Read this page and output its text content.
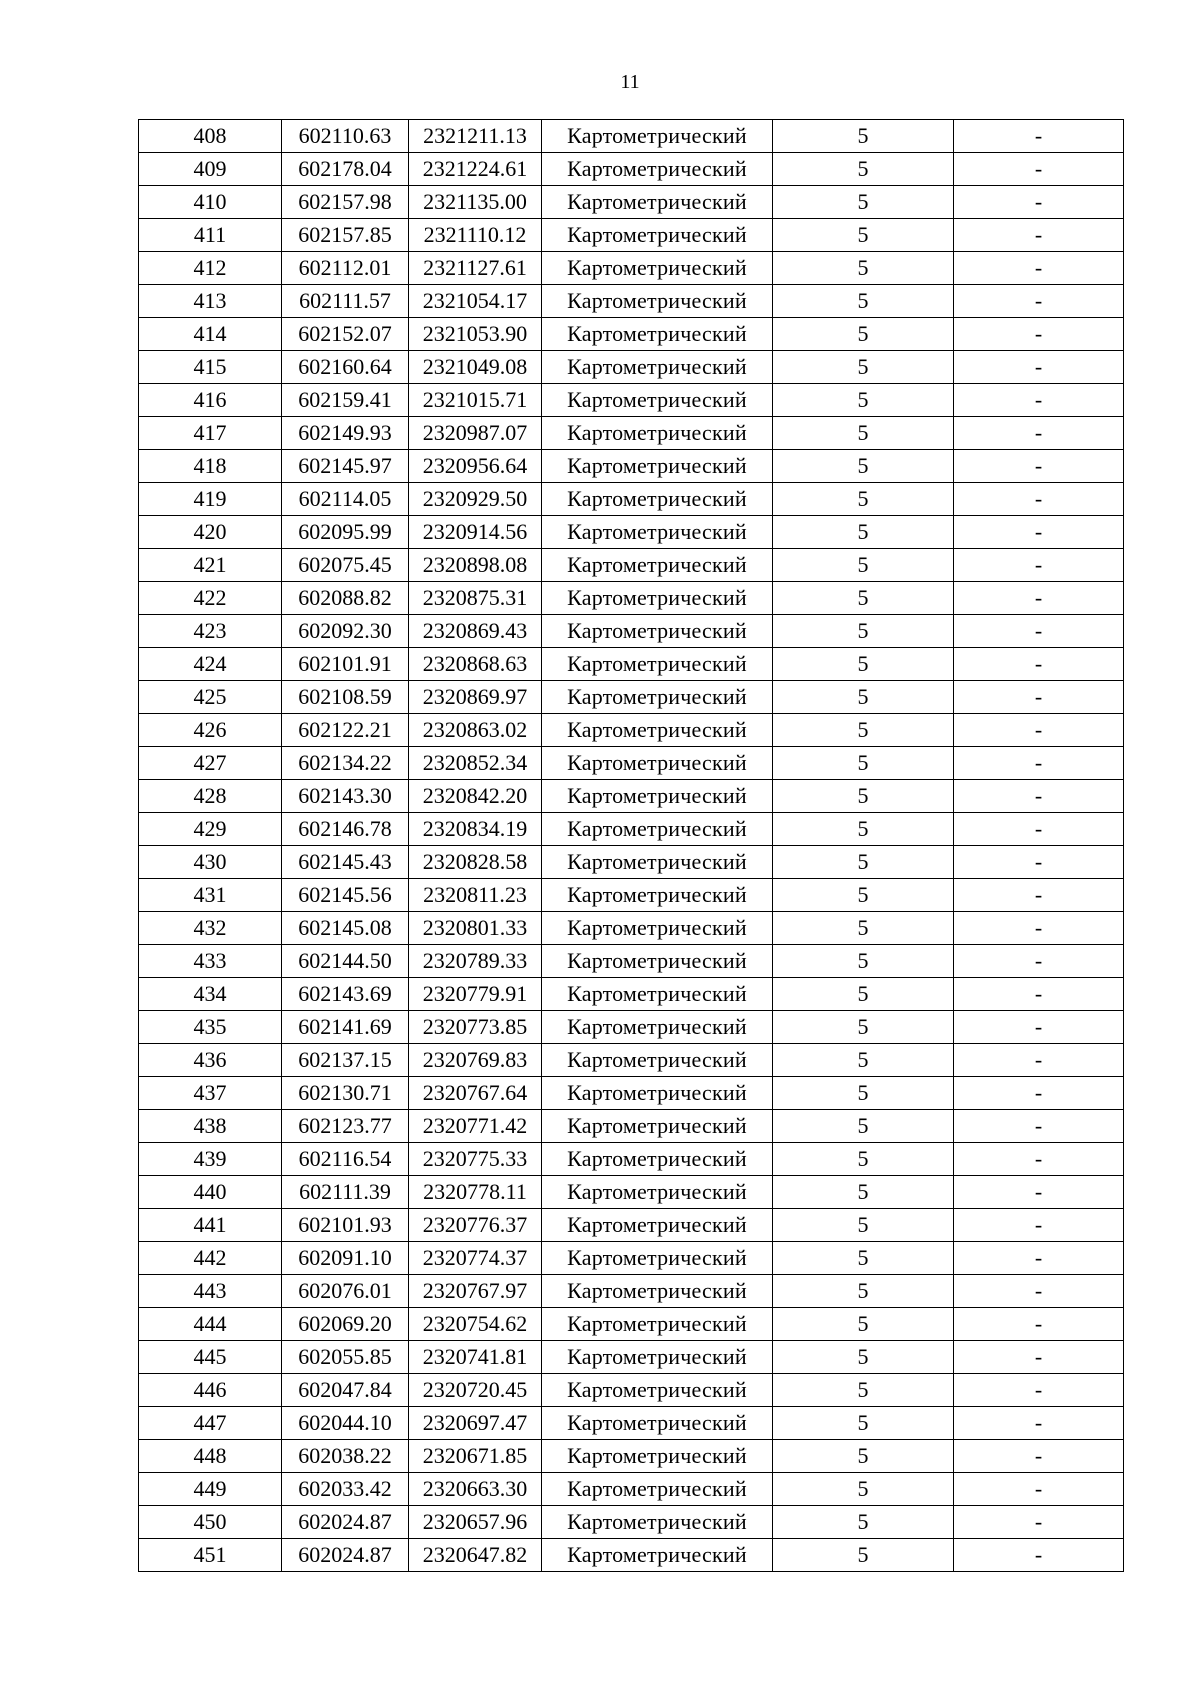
11
408	602110.63	2321211.13	Картометрический	5	-
409	602178.04	2321224.61	Картометрический	5	-
410	602157.98	2321135.00	Картометрический	5	-
411	602157.85	2321110.12	Картометрический	5	-
412	602112.01	2321127.61	Картометрический	5	-
413	602111.57	2321054.17	Картометрический	5	-
414	602152.07	2321053.90	Картометрический	5	-
415	602160.64	2321049.08	Картометрический	5	-
416	602159.41	2321015.71	Картометрический	5	-
417	602149.93	2320987.07	Картометрический	5	-
418	602145.97	2320956.64	Картометрический	5	-
419	602114.05	2320929.50	Картометрический	5	-
420	602095.99	2320914.56	Картометрический	5	-
421	602075.45	2320898.08	Картометрический	5	-
422	602088.82	2320875.31	Картометрический	5	-
423	602092.30	2320869.43	Картометрический	5	-
424	602101.91	2320868.63	Картометрический	5	-
425	602108.59	2320869.97	Картометрический	5	-
426	602122.21	2320863.02	Картометрический	5	-
427	602134.22	2320852.34	Картометрический	5	-
428	602143.30	2320842.20	Картометрический	5	-
429	602146.78	2320834.19	Картометрический	5	-
430	602145.43	2320828.58	Картометрический	5	-
431	602145.56	2320811.23	Картометрический	5	-
432	602145.08	2320801.33	Картометрический	5	-
433	602144.50	2320789.33	Картометрический	5	-
434	602143.69	2320779.91	Картометрический	5	-
435	602141.69	2320773.85	Картометрический	5	-
436	602137.15	2320769.83	Картометрический	5	-
437	602130.71	2320767.64	Картометрический	5	-
438	602123.77	2320771.42	Картометрический	5	-
439	602116.54	2320775.33	Картометрический	5	-
440	602111.39	2320778.11	Картометрический	5	-
441	602101.93	2320776.37	Картометрический	5	-
442	602091.10	2320774.37	Картометрический	5	-
443	602076.01	2320767.97	Картометрический	5	-
444	602069.20	2320754.62	Картометрический	5	-
445	602055.85	2320741.81	Картометрический	5	-
446	602047.84	2320720.45	Картометрический	5	-
447	602044.10	2320697.47	Картометрический	5	-
448	602038.22	2320671.85	Картометрический	5	-
449	602033.42	2320663.30	Картометрический	5	-
450	602024.87	2320657.96	Картометрический	5	-
451	602024.87	2320647.82	Картометрический	5	-
